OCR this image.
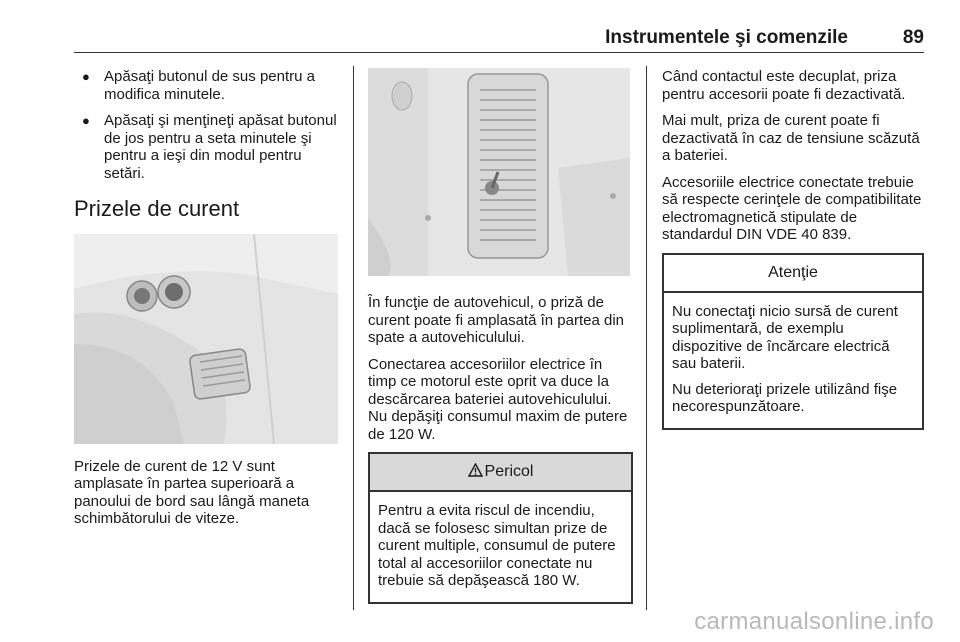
Instrumentele şi comenzile	89
● Apăsaţi butonul de sus pentru a modifica minutele.
● Apăsaţi şi menţineţi apăsat butonul de jos pentru a seta minutele şi pentru a ieşi din modul pentru setări.
Prizele de curent

Prizele de curent de 12 V sunt amplasate în partea superioară a panoului de bord sau lângă maneta schimbătorului de viteze.

În funcţie de autovehicul, o priză de curent poate fi amplasată în partea din spate a autovehiculului.

Conectarea accesoriilor electrice în timp ce motorul este oprit va duce la descărcarea bateriei autovehiculului. Nu depăşiţi consumul maxim de putere de 120 W.

Pericol

Pentru a evita riscul de incendiu, dacă se folosesc simultan prize de curent multiple, consumul de putere total al accesoriilor conectate nu trebuie să depăşească 180 W.

Când contactul este decuplat, priza pentru accesorii poate fi dezactivată.

Mai mult, priza de curent poate fi dezactivată în caz de tensiune scăzută a bateriei.

Accesoriile electrice conectate trebuie să respecte cerinţele de compatibilitate electromagnetică stipulate de standardul DIN VDE 40 839.

Atenţie

Nu conectaţi nicio sursă de curent suplimentară, de exemplu dispozitive de încărcare electrică sau baterii.

Nu deterioraţi prizele utilizând fişe necorespunzătoare.

carmanualsonline.info
